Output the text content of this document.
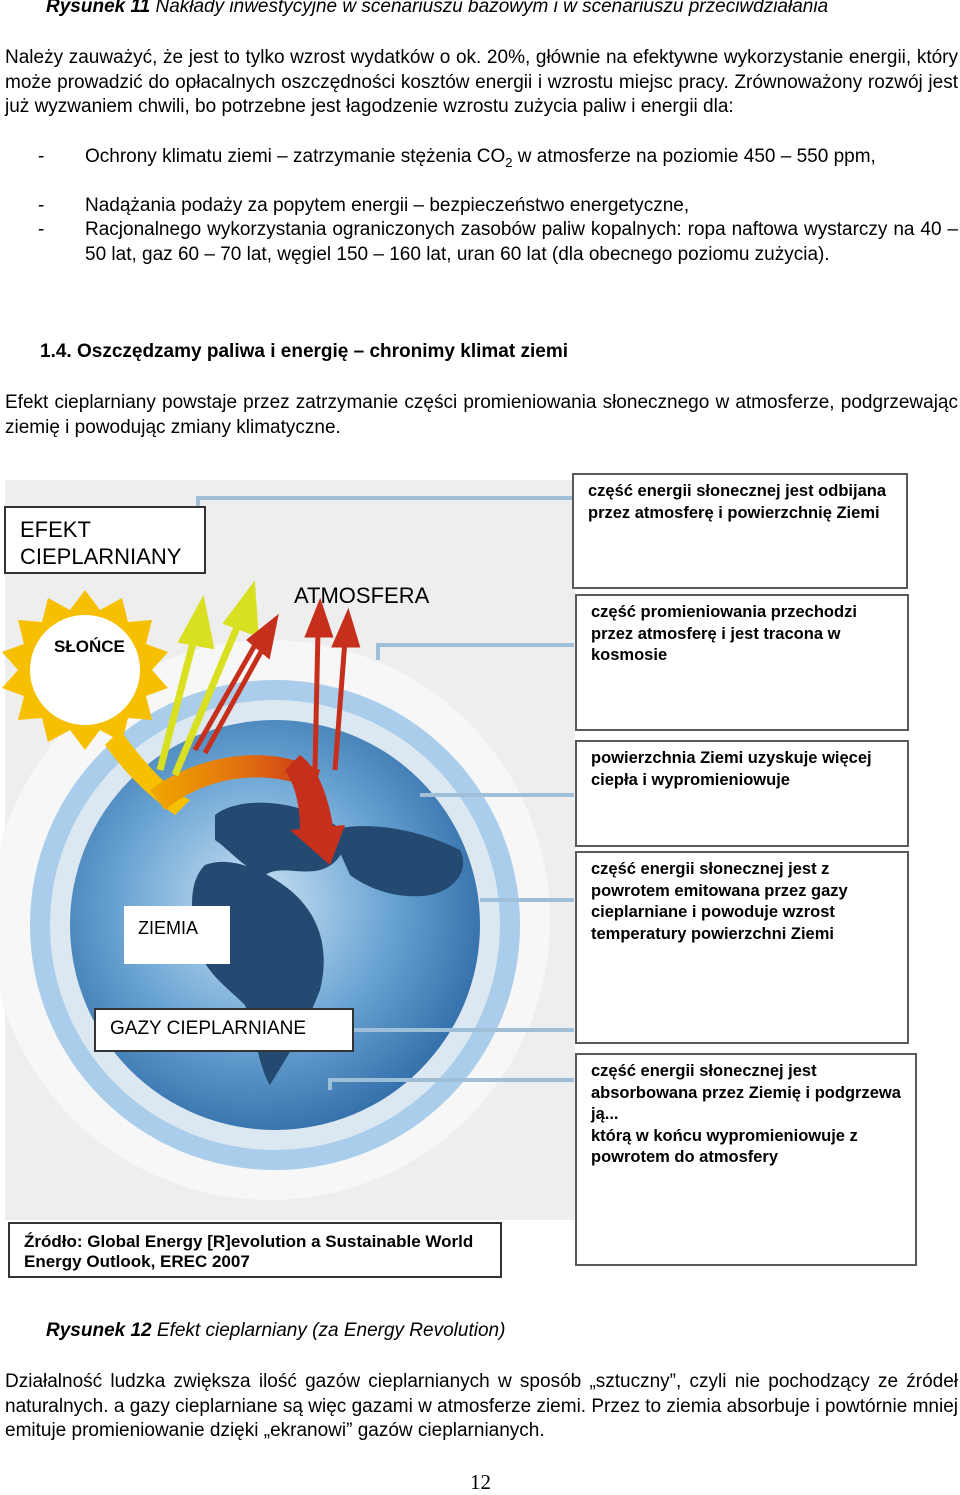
Rysunek 11 Nakłady inwestycyjne w scenariuszu bazowym i w scenariuszu przeciwdziałania

Należy zauważyć, że jest to tylko wzrost wydatków o ok. 20%, głównie na efektywne wykorzystanie energii, który może prowadzić do opłacalnych oszczędności kosztów energii i wzrostu miejsc pracy. Zrównoważony rozwój jest już wyzwaniem chwili, bo potrzebne jest łagodzenie wzrostu zużycia paliw i energii dla:

- Ochrony klimatu ziemi – zatrzymanie stężenia $CO_2$ w atmosferze na poziomie 450 – 550 ppm,
- Nadążania podaży za popytem energii – bezpieczeństwo energetyczne,
- Racjonalnego wykorzystania ograniczonych zasobów paliw kopalnych: ropa naftowa wystarczy na 40 – 50 lat, gaz 60 – 70 lat, węgiel 150 – 160 lat, uran 60 lat (dla obecnego poziomu zużycia).
1.4. Oszczędzamy paliwa i energię – chronimy klimat ziemi

Efekt cieplarniany powstaje przez zatrzymanie części promieniowania słonecznego w atmosferze, podgrzewając ziemię i powodując zmiany klimatyczne.

EFEKT CIEPLARNIANY
ATMOSFERA
SŁOŃCE
ZIEMIA
GAZY CIEPLARNIANE
Źródło: Global Energy [R]evolution a Sustainable World Energy Outlook, EREC 2007
część energii słonecznej jest odbijana przez atmosferę i powierzchnię Ziemi
część promieniowania przechodzi przez atmosferę i jest tracona w kosmosie
powierzchnia Ziemi uzyskuje więcej ciepła i wypromieniowuje
część energii słonecznej jest z powrotem emitowana przez gazy cieplarniane i powoduje wzrost temperatury powierzchni Ziemi
część energii słonecznej jest absorbowana przez Ziemię i podgrzewa ją...
którą w końcu wypromieniowuje z powrotem do atmosfery
Rysunek 12 Efekt cieplarniany (za Energy Revolution)

Działalność ludzka zwiększa ilość gazów cieplarnianych w sposób „sztuczny”, czyli nie pochodzący ze źródeł naturalnych. a gazy cieplarniane są więc gazami w atmosferze ziemi. Przez to ziemia absorbuje i powtórnie mniej emituje promieniowanie dzięki „ekranowi” gazów cieplarnianych.

12
